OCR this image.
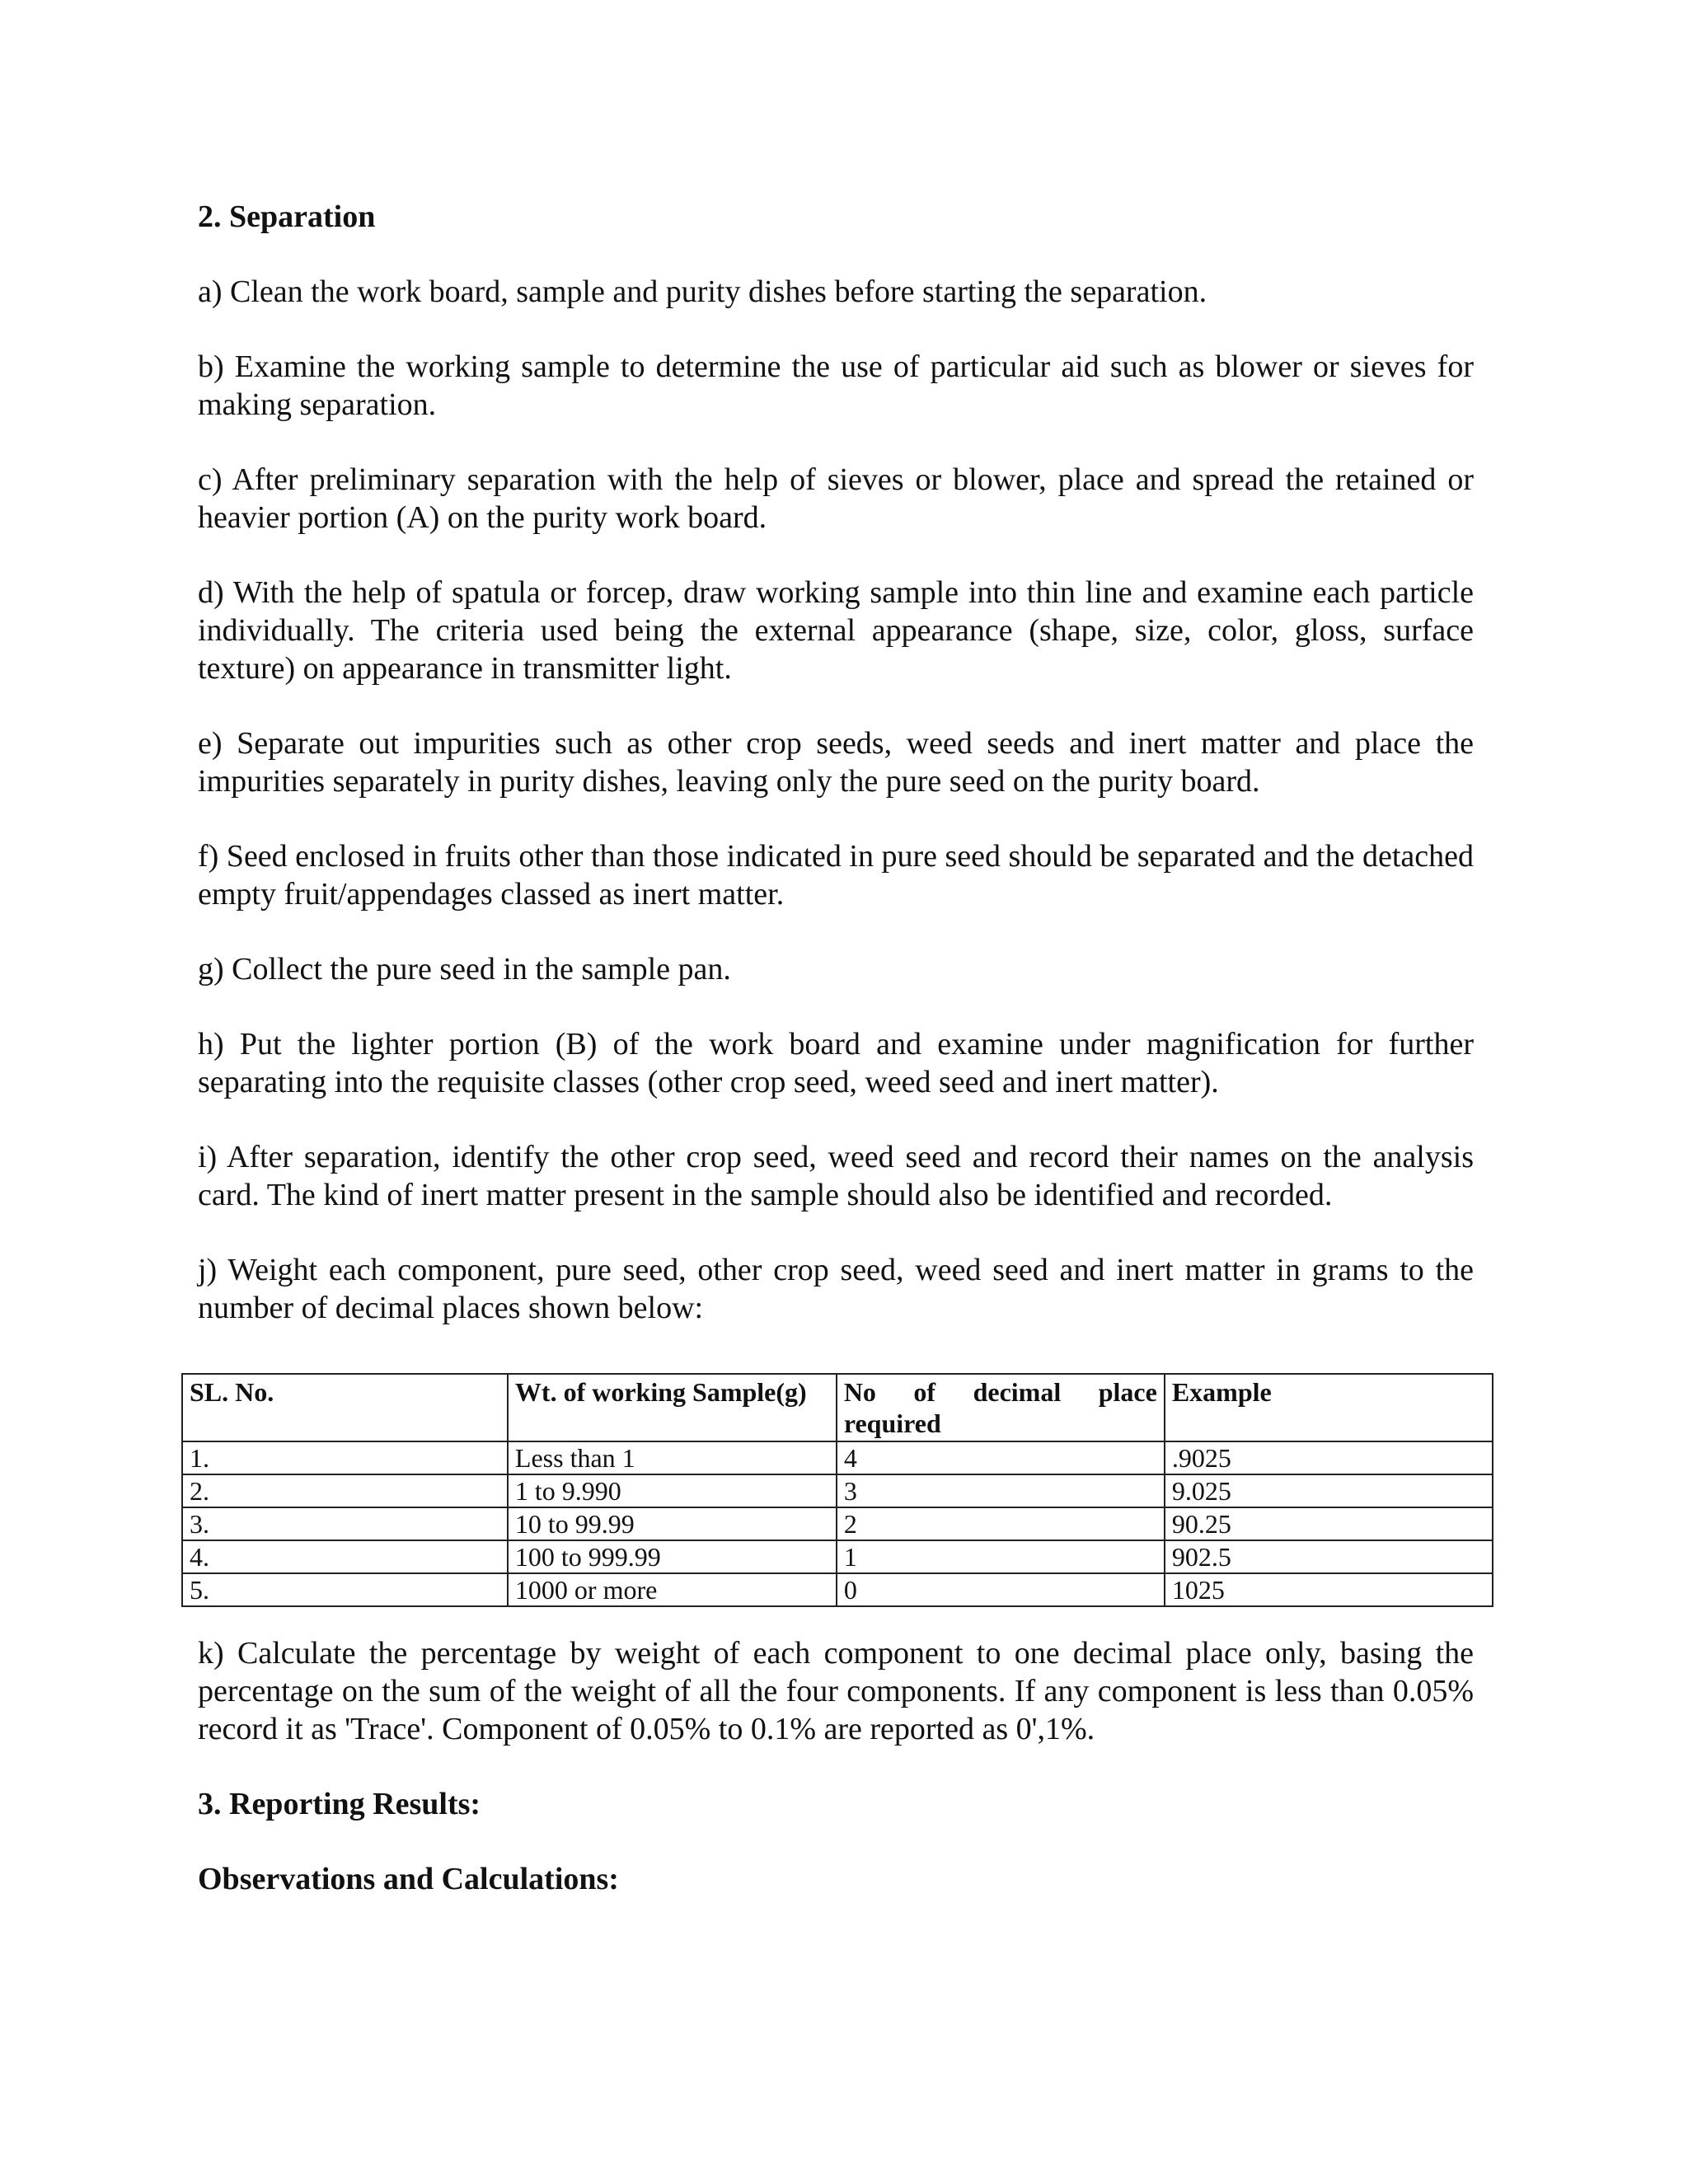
2. Separation

a) Clean the work board, sample and purity dishes before starting the separation.

b) Examine the working sample to determine the use of particular aid such as blower or sieves for making separation.

c) After preliminary separation with the help of sieves or blower, place and spread the retained or heavier portion (A) on the purity work board.

d) With the help of spatula or forcep, draw working sample into thin line and examine each particle individually. The criteria used being the external appearance (shape, size, color, gloss, surface texture) on appearance in transmitter light.

e) Separate out impurities such as other crop seeds, weed seeds and inert matter and place the impurities separately in purity dishes, leaving only the pure seed on the purity board.

f) Seed enclosed in fruits other than those indicated in pure seed should be separated and the detached empty fruit/appendages classed as inert matter.

g) Collect the pure seed in the sample pan.

h) Put the lighter portion (B) of the work board and examine under magnification for further separating into the requisite classes (other crop seed, weed seed and inert matter).

i) After separation, identify the other crop seed, weed seed and record their names on the analysis card. The kind of inert matter present in the sample should also be identified and recorded.

j) Weight each component, pure seed, other crop seed, weed seed and inert matter in grams to the number of decimal places shown below:

SL. No.	Wt. of working Sample(g)	No of decimal place required	Example
1.	Less than 1	4	.9025
2.	1 to 9.990	3	9.025
3.	10 to 99.99	2	90.25
4.	100 to 999.99	1	902.5
5.	1000 or more	0	1025

k) Calculate the percentage by weight of each component to one decimal place only, basing the percentage on the sum of the weight of all the four components. If any component is less than 0.05% record it as 'Trace'. Component of 0.05% to 0.1% are reported as 0',1%.

3. Reporting Results:
Observations and Calculations:
